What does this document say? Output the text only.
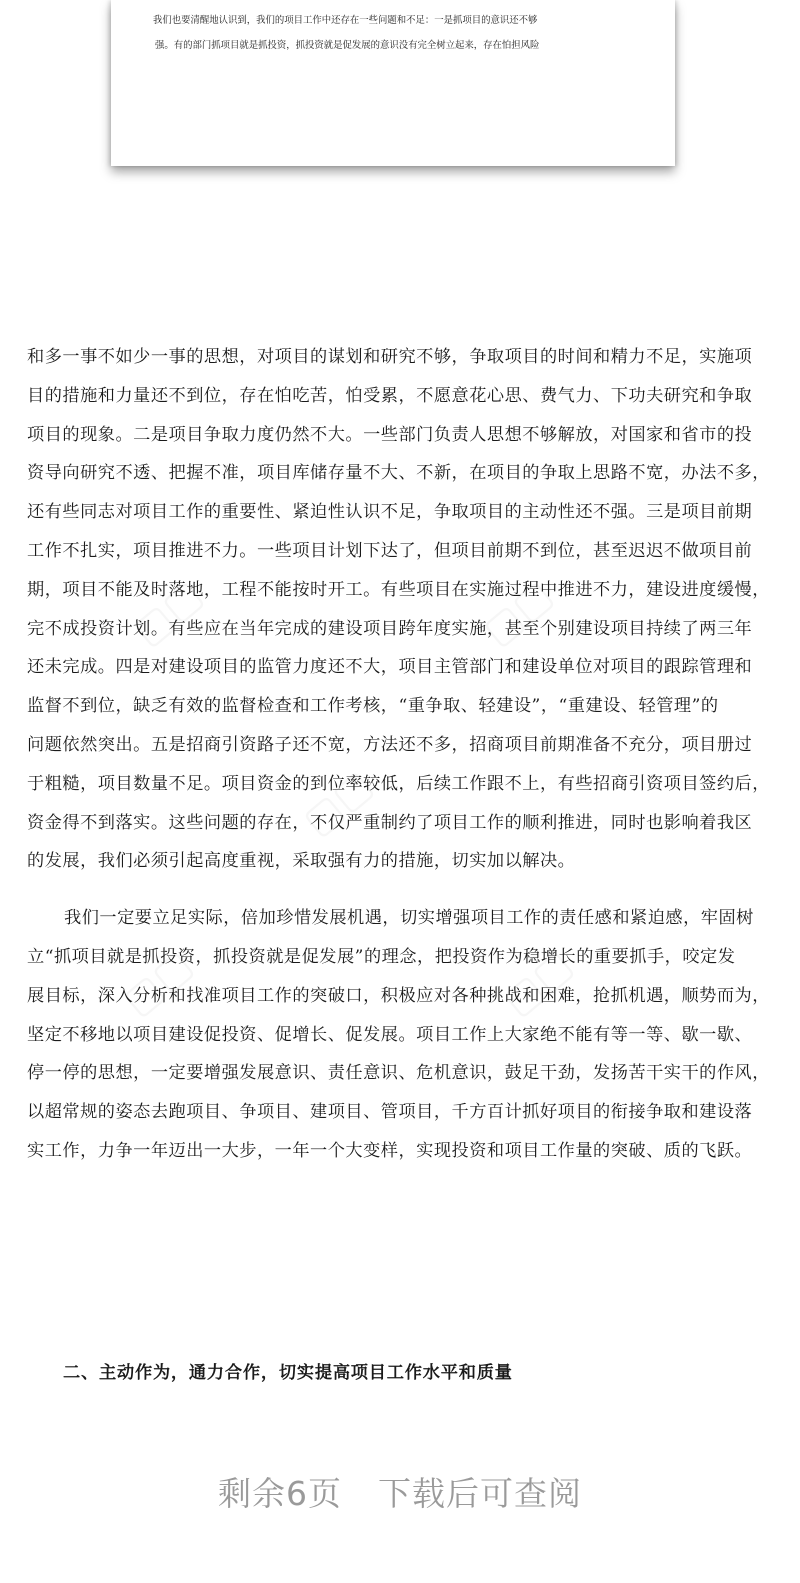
我们也要清醒地认识到，我们的项目工作中还存在一些问题和不足：一是抓项目的意识还不够
强。有的部门抓项目就是抓投资，抓投资就是促发展的意识没有完全树立起来，存在怕担风险
▢▢	▢▢
▢▢
▢▢	▢▢
和多一事不如少一事的思想，对项目的谋划和研究不够，争取项目的时间和精力不足，实施项
目的措施和力量还不到位，存在怕吃苦，怕受累，不愿意花心思、费气力、下功夫研究和争取
项目的现象。二是项目争取力度仍然不大。一些部门负责人思想不够解放，对国家和省市的投
资导向研究不透、把握不准，项目库储存量不大、不新，在项目的争取上思路不宽，办法不多，
还有些同志对项目工作的重要性、紧迫性认识不足，争取项目的主动性还不强。三是项目前期
工作不扎实，项目推进不力。一些项目计划下达了，但项目前期不到位，甚至迟迟不做项目前
期，项目不能及时落地，工程不能按时开工。有些项目在实施过程中推进不力，建设进度缓慢，
完不成投资计划。有些应在当年完成的建设项目跨年度实施，甚至个别建设项目持续了两三年
还未完成。四是对建设项目的监管力度还不大，项目主管部门和建设单位对项目的跟踪管理和
监督不到位，缺乏有效的监督检查和工作考核，“重争取、轻建设”，“重建设、轻管理”的
问题依然突出。五是招商引资路子还不宽，方法还不多，招商项目前期准备不充分，项目册过
于粗糙，项目数量不足。项目资金的到位率较低，后续工作跟不上，有些招商引资项目签约后，
资金得不到落实。这些问题的存在，不仅严重制约了项目工作的顺利推进，同时也影响着我区
的发展，我们必须引起高度重视，采取强有力的措施，切实加以解决。
我们一定要立足实际，倍加珍惜发展机遇，切实增强项目工作的责任感和紧迫感，牢固树
立“抓项目就是抓投资，抓投资就是促发展”的理念，把投资作为稳增长的重要抓手，咬定发
展目标，深入分析和找准项目工作的突破口，积极应对各种挑战和困难，抢抓机遇，顺势而为，
坚定不移地以项目建设促投资、促增长、促发展。项目工作上大家绝不能有等一等、歇一歇、
停一停的思想，一定要增强发展意识、责任意识、危机意识，鼓足干劲，发扬苦干实干的作风，
以超常规的姿态去跑项目、争项目、建项目、管项目，千方百计抓好项目的衔接争取和建设落
实工作，力争一年迈出一大步，一年一个大变样，实现投资和项目工作量的突破、质的飞跃。
二、主动作为，通力合作，切实提高项目工作水平和质量
剩余6页 下载后可查阅
